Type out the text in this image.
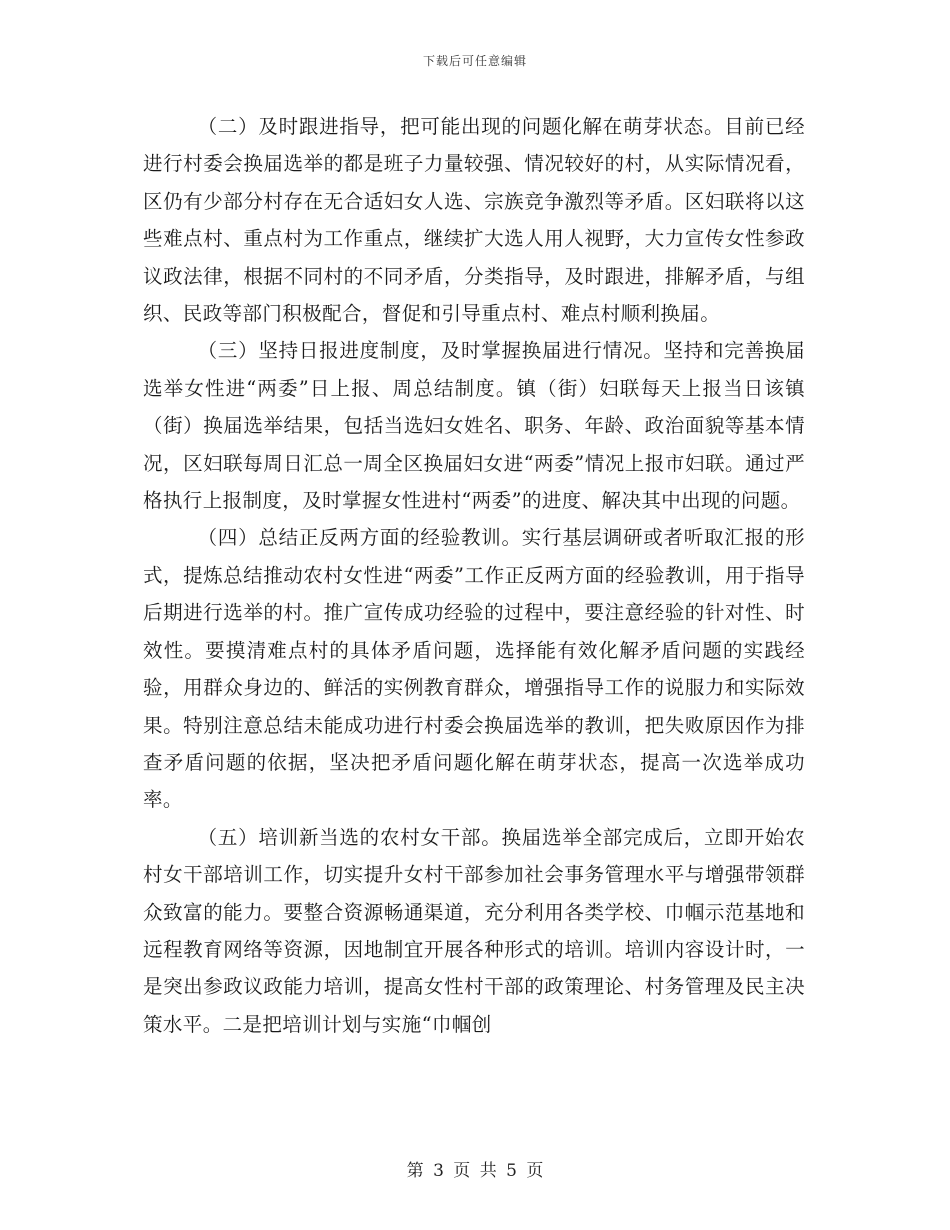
下载后可任意编辑

（二）及时跟进指导，把可能出现的问题化解在萌芽状态。目前已经进行村委会换届选举的都是班子力量较强、情况较好的村，从实际情况看，区仍有少部分村存在无合适妇女人选、宗族竞争激烈等矛盾。区妇联将以这些难点村、重点村为工作重点，继续扩大选人用人视野，大力宣传女性参政议政法律，根据不同村的不同矛盾，分类指导，及时跟进，排解矛盾，与组织、民政等部门积极配合，督促和引导重点村、难点村顺利换届。

（三）坚持日报进度制度，及时掌握换届进行情况。坚持和完善换届选举女性进“两委”日上报、周总结制度。镇（街）妇联每天上报当日该镇（街）换届选举结果，包括当选妇女姓名、职务、年龄、政治面貌等基本情况，区妇联每周日汇总一周全区换届妇女进“两委”情况上报市妇联。通过严格执行上报制度，及时掌握女性进村“两委”的进度、解决其中出现的问题。

（四）总结正反两方面的经验教训。实行基层调研或者听取汇报的形式，提炼总结推动农村女性进“两委”工作正反两方面的经验教训，用于指导后期进行选举的村。推广宣传成功经验的过程中，要注意经验的针对性、时效性。要摸清难点村的具体矛盾问题，选择能有效化解矛盾问题的实践经验，用群众身边的、鲜活的实例教育群众，增强指导工作的说服力和实际效果。特别注意总结未能成功进行村委会换届选举的教训，把失败原因作为排查矛盾问题的依据，坚决把矛盾问题化解在萌芽状态，提高一次选举成功率。

（五）培训新当选的农村女干部。换届选举全部完成后，立即开始农村女干部培训工作，切实提升女村干部参加社会事务管理水平与增强带领群众致富的能力。要整合资源畅通渠道，充分利用各类学校、巾帼示范基地和远程教育网络等资源，因地制宜开展各种形式的培训。培训内容设计时，一是突出参政议政能力培训，提高女性村干部的政策理论、村务管理及民主决策水平。二是把培训计划与实施“巾帼创

第 3 页 共 5 页
